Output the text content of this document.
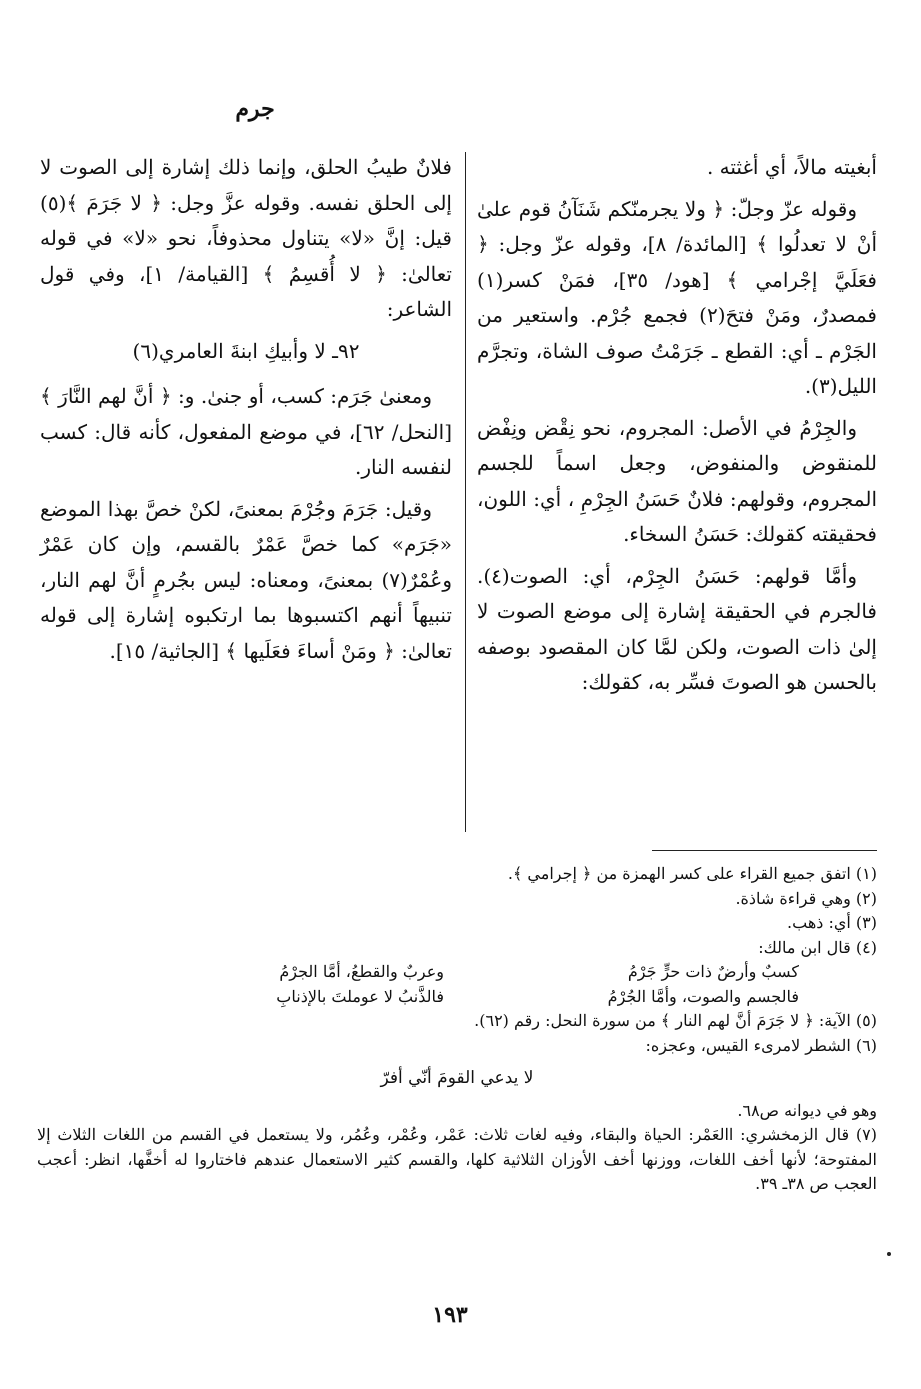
جرم

أبغيته مالاً، أي أغثته .

وقوله عزّ وجلّ: ﴿ ولا يجرمنّكم شَنَآنُ قوم علىٰ أنْ لا تعدلُوا ﴾ [المائدة/ ٨]، وقوله عزّ وجل: ﴿ فعَلَيَّ إجْرامي ﴾ [هود/ ٣٥]، فمَنْ كسر(١) فمصدرٌ، ومَنْ فتحَ(٢) فجمع جُرْم. واستعير من الجَرْم ـ أي: القطع ـ جَرَمْتُ صوف الشاة، وتجرَّم الليل(٣).

والجِرْمُ في الأصل: المجروم، نحو نِقْض ونِفْض للمنقوض والمنفوض، وجعل اسماً للجسم المجروم، وقولهم: فلانٌ حَسَنُ الجِرْمِ ، أي: اللون، فحقيقته كقولك: حَسَنُ السخاء.

وأمَّا قولهم: حَسَنُ الجِرْم، أي: الصوت(٤). فالجرم في الحقيقة إشارة إلى موضع الصوت لا إلىٰ ذات الصوت، ولكن لمَّا كان المقصود بوصفه بالحسن هو الصوتَ فسِّر به، كقولك:

فلانٌ طيبُ الحلق، وإنما ذلك إشارة إلى الصوت لا إلى الحلق نفسه. وقوله عزَّ وجل: ﴿ لا جَرَمَ ﴾(٥) قيل: إنَّ «لا» يتناول محذوفاً، نحو «لا» في قوله تعالىٰ: ﴿ لا أُقسِمُ ﴾ [القيامة/ ١]، وفي قول الشاعر:

٩٢ـ لا وأبيكِ ابنةَ العامري(٦)

ومعنىٰ جَرَم: كسب، أو جنىٰ. و: ﴿ أنَّ لهم النَّارَ ﴾ [النحل/ ٦٢]، في موضع المفعول، كأنه قال: كسب لنفسه النار.

وقيل: جَرَمَ وجُرْمَ بمعنىً، لكنْ خصَّ بهذا الموضع «جَرَم» كما خصَّ عَمْرٌ بالقسم، وإن كان عَمْرٌ وعُمْرٌ(٧) بمعنىً، ومعناه: ليس بجُرمٍ أنَّ لهم النار، تنبيهاً أنهم اكتسبوها بما ارتكبوه إشارة إلى قوله تعالىٰ: ﴿ ومَنْ أساءَ فعَلَيها ﴾ [الجاثية/ ١٥].

(١) اتفق جميع القراء على كسر الهمزة من ﴿ إجرامي ﴾.

(٢) وهي قراءة شاذة.

(٣) أي: ذهب.

(٤) قال ابن مالك:

كسبٌ وأرضٌ ذات حرٍّ جَرْمُ
وعربٌ والقطعُ، أمَّا الجرْمُ
فالجسم والصوت، وأمَّا الجُرْمُ
فالذَّنبُ لا عوملتَ بالإذنابِ

(٥) الآية: ﴿ لا جَرَمَ أنَّ لهم النار ﴾ من سورة النحل: رقم (٦٢).

(٦) الشطر لامرىء القيس، وعجزه:

لا يدعي القومَ أنّي أفرّ

وهو في ديوانه ص٦٨.

(٧) قال الزمخشري: االعَمْر: الحياة والبقاء، وفيه لغات ثلاث: عَمْر، وعُمْر، وعُمُر، ولا يستعمل في القسم من اللغات الثلاث إلا المفتوحة؛ لأنها أخف اللغات، ووزنها أخف الأوزان الثلاثية كلها، والقسم كثير الاستعمال عندهم فاختاروا له أخفَّها، انظر: أعجب العجب ص ٣٨ـ ٣٩.

١٩٣
